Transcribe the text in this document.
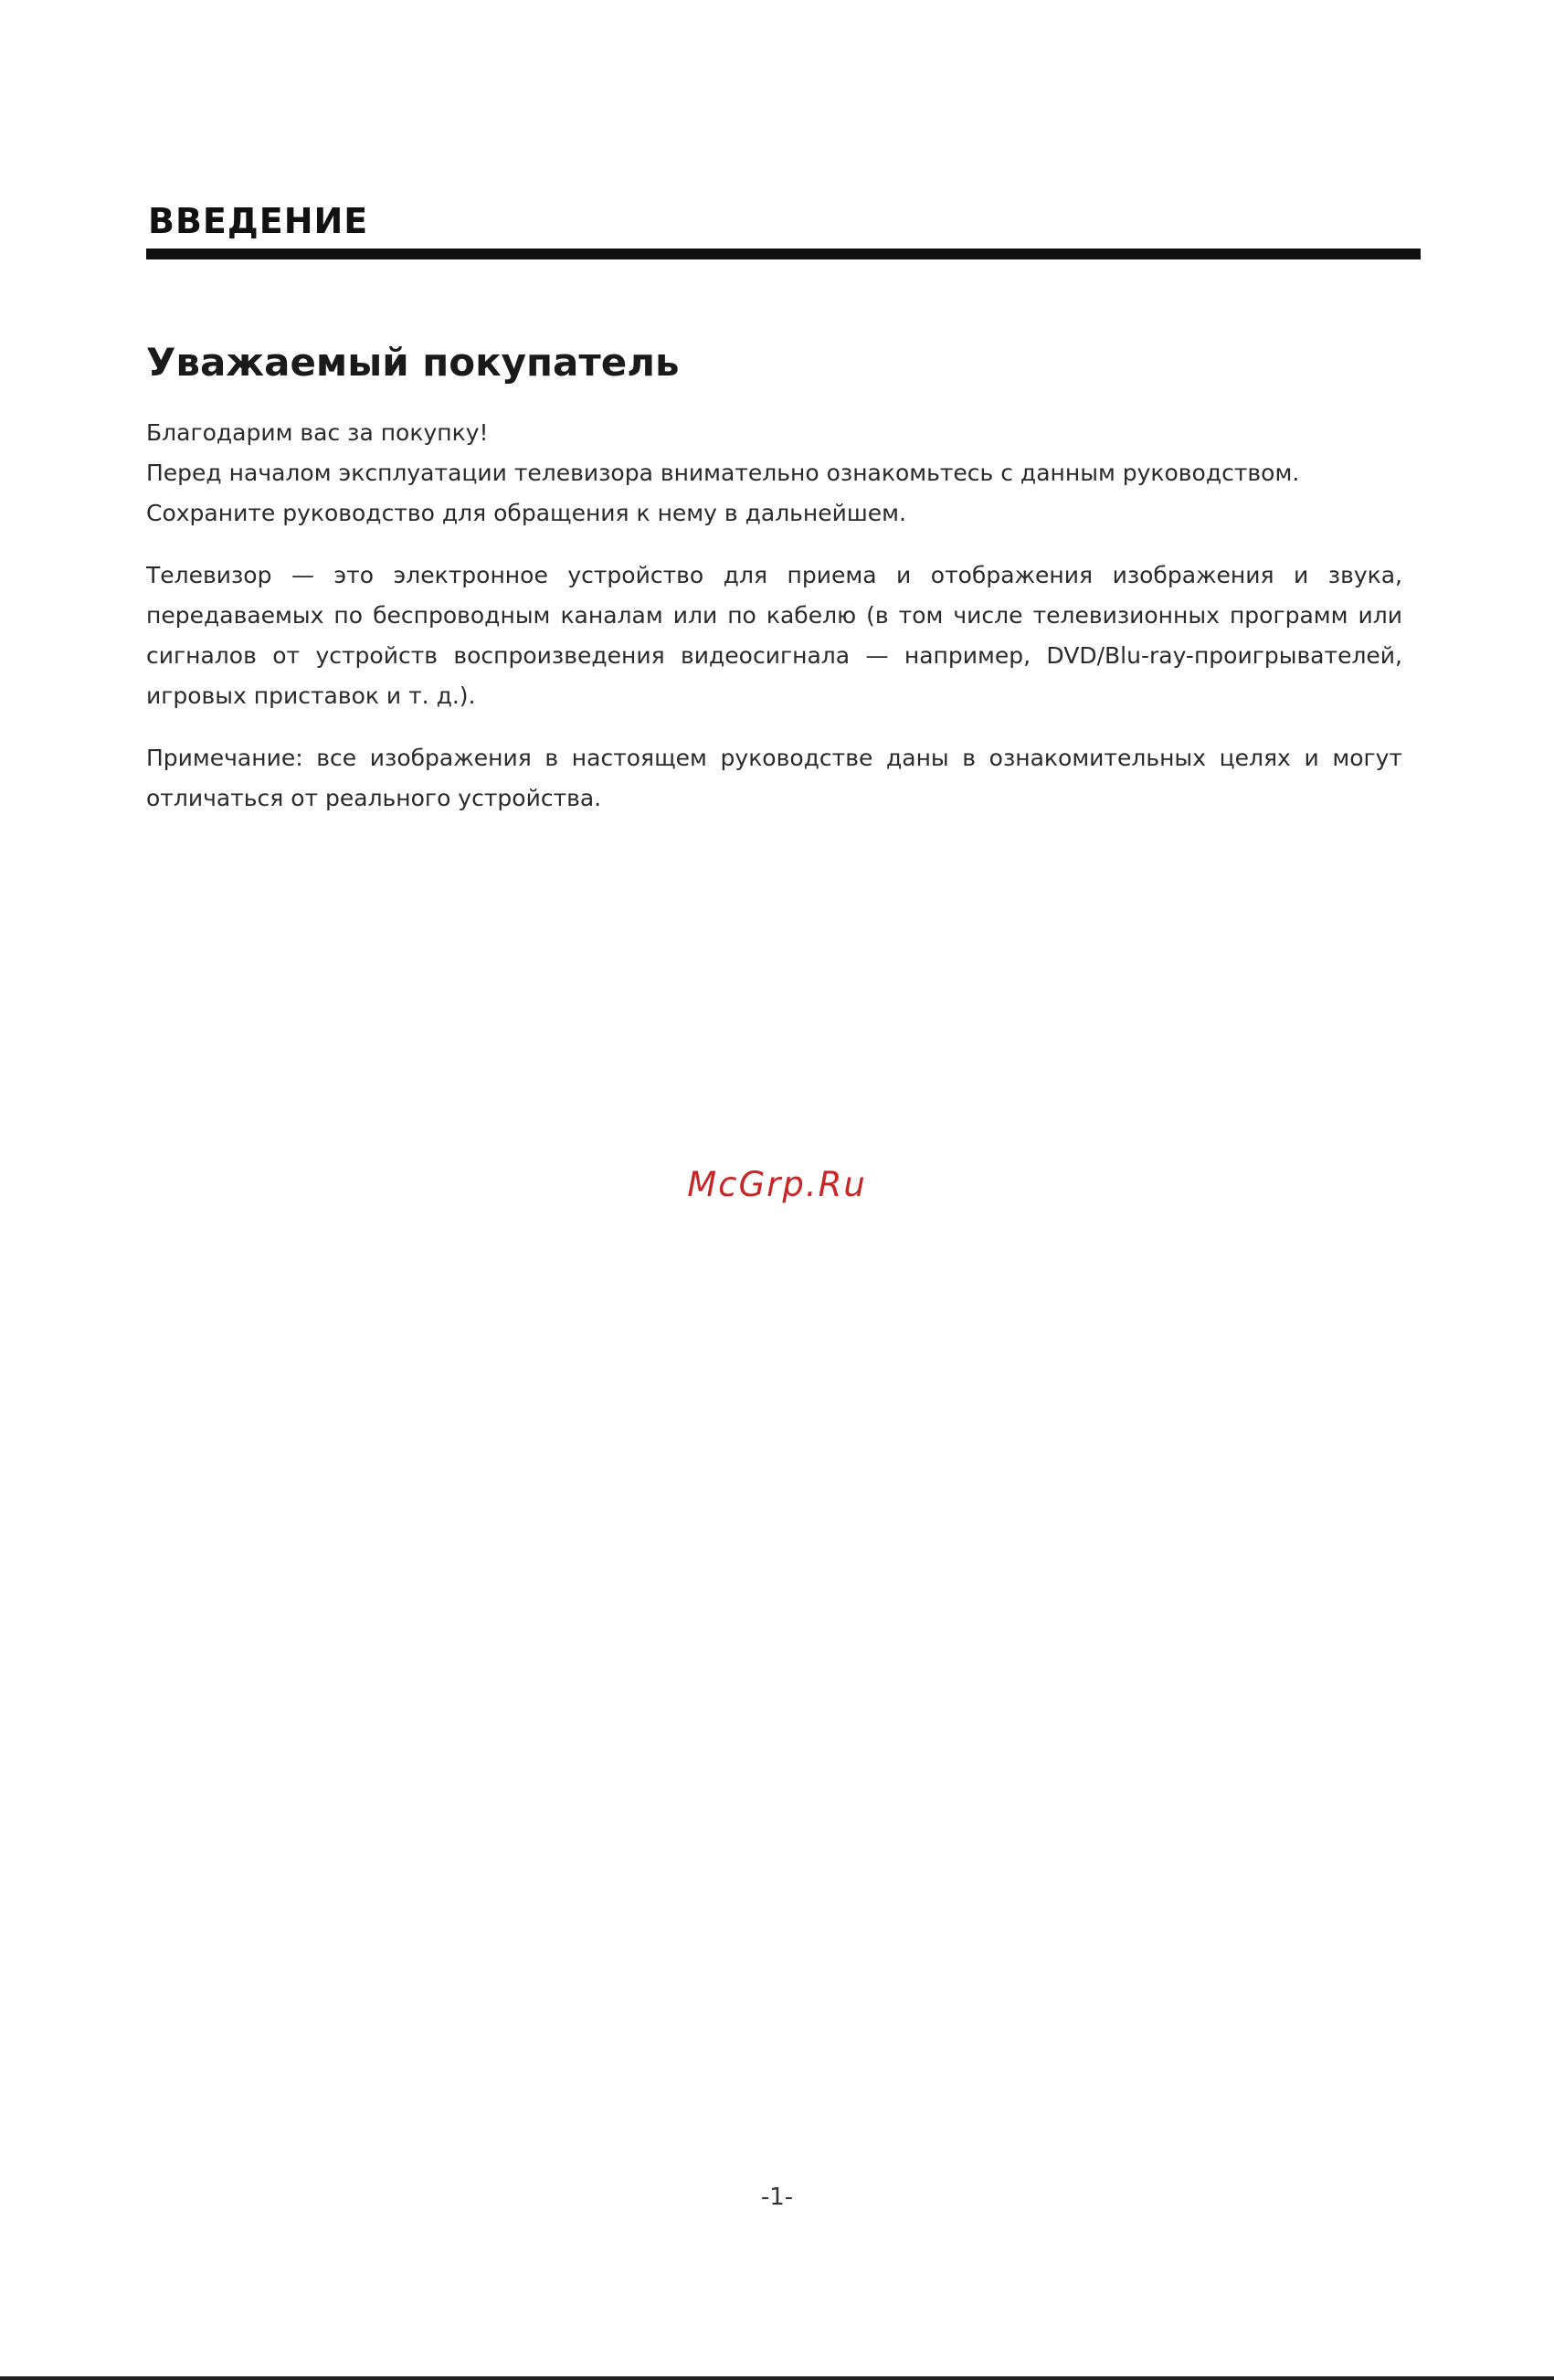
ВВЕДЕНИЕ
Уважаемый покупатель

Благодарим вас за покупку!

Перед началом эксплуатации телевизора внимательно ознакомьтесь с данным руководством. Сохраните руководство для обращения к нему в дальнейшем.

Телевизор — это электронное устройство для приема и отображения изображения и звука, передаваемых по беспроводным каналам или по кабелю (в том числе телевизионных программ или сигналов от устройств воспроизведения видеосигнала — например, DVD/Blu-ray-проигрывателей, игровых приставок и т. д.).

Примечание: все изображения в настоящем руководстве даны в ознакомительных целях и могут отличаться от реального устройства.

McGrp.Ru
-1-
